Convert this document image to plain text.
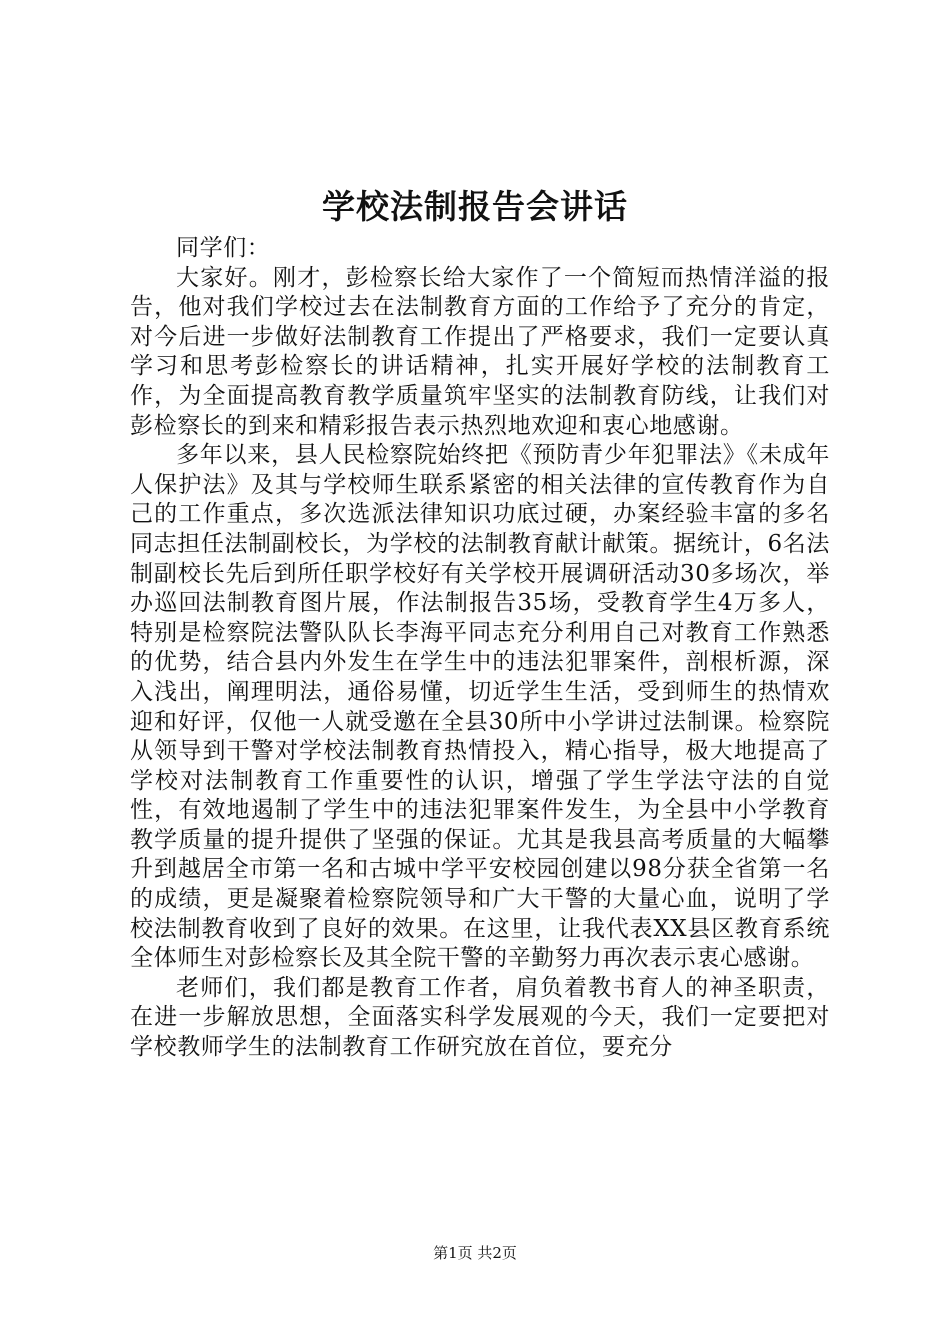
学校法制报告会讲话

同学们：

大家好。刚才，彭检察长给大家作了一个简短而热情洋溢的报告，他对我们学校过去在法制教育方面的工作给予了充分的肯定，对今后进一步做好法制教育工作提出了严格要求，我们一定要认真学习和思考彭检察长的讲话精神，扎实开展好学校的法制教育工作，为全面提高教育教学质量筑牢坚实的法制教育防线，让我们对彭检察长的到来和精彩报告表示热烈地欢迎和衷心地感谢。

多年以来，县人民检察院始终把《预防青少年犯罪法》《未成年人保护法》及其与学校师生联系紧密的相关法律的宣传教育作为自己的工作重点，多次选派法律知识功底过硬，办案经验丰富的多名同志担任法制副校长，为学校的法制教育献计献策。据统计，6名法制副校长先后到所任职学校好有关学校开展调研活动30多场次，举办巡回法制教育图片展，作法制报告35场，受教育学生4万多人，特别是检察院法警队队长李海平同志充分利用自己对教育工作熟悉的优势，结合县内外发生在学生中的违法犯罪案件，剖根析源，深入浅出，阐理明法，通俗易懂，切近学生生活，受到师生的热情欢迎和好评，仅他一人就受邀在全县30所中小学讲过法制课。检察院从领导到干警对学校法制教育热情投入，精心指导，极大地提高了学校对法制教育工作重要性的认识，增强了学生学法守法的自觉性，有效地遏制了学生中的违法犯罪案件发生，为全县中小学教育教学质量的提升提供了坚强的保证。尤其是我县高考质量的大幅攀升到越居全市第一名和古城中学平安校园创建以98分获全省第一名的成绩，更是凝聚着检察院领导和广大干警的大量心血，说明了学校法制教育收到了良好的效果。在这里，让我代表XX县区教育系统全体师生对彭检察长及其全院干警的辛勤努力再次表示衷心感谢。

老师们，我们都是教育工作者，肩负着教书育人的神圣职责，在进一步解放思想，全面落实科学发展观的今天，我们一定要把对学校教师学生的法制教育工作研究放在首位，要充分

第1页 共2页
